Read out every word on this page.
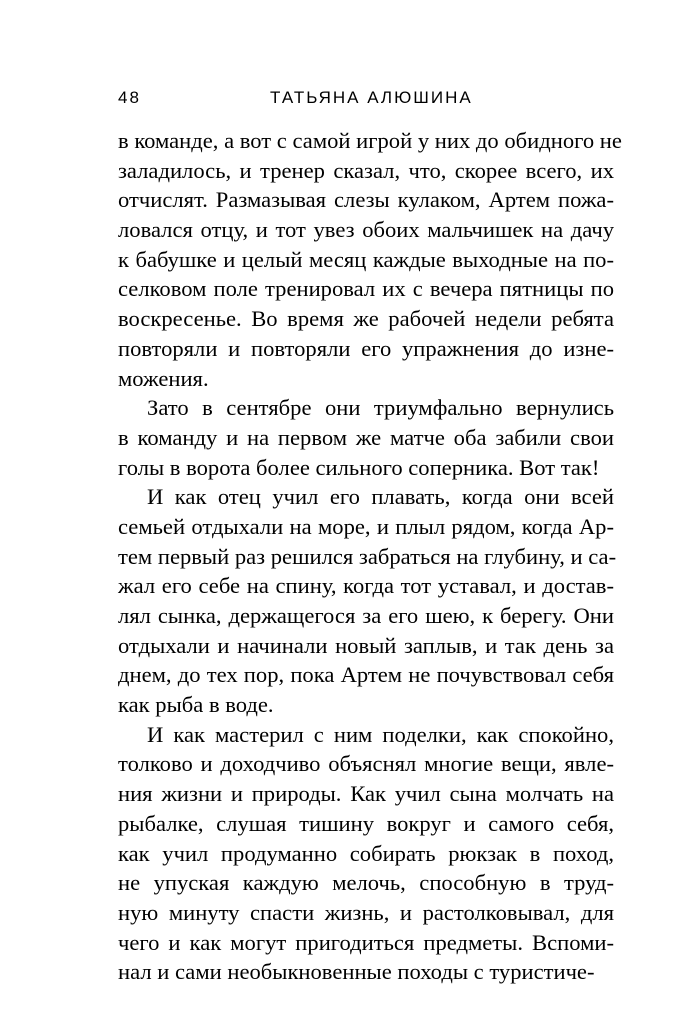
48	ТАТЬЯНА АЛЮШИНА
в команде, а вот с самой игрой у них до обидного не
заладилось, и тренер сказал, что, скорее всего, их
отчислят. Размазывая слезы кулаком, Артем пожа-
ловался отцу, и тот увез обоих мальчишек на дачу
к бабушке и целый месяц каждые выходные на по-
селковом поле тренировал их с вечера пятницы по
воскресенье. Во время же рабочей недели ребята
повторяли и повторяли его упражнения до изне-
можения.
Зато в сентябре они триумфально вернулись
в команду и на первом же матче оба забили свои
голы в ворота более сильного соперника. Вот так!
И как отец учил его плавать, когда они всей
семьей отдыхали на море, и плыл рядом, когда Ар-
тем первый раз решился забраться на глубину, и са-
жал его себе на спину, когда тот уставал, и достав-
лял сынка, держащегося за его шею, к берегу. Они
отдыхали и начинали новый заплыв, и так день за
днем, до тех пор, пока Артем не почувствовал себя
как рыба в воде.
И как мастерил с ним поделки, как спокойно,
толково и доходчиво объяснял многие вещи, явле-
ния жизни и природы. Как учил сына молчать на
рыбалке, слушая тишину вокруг и самого себя,
как учил продуманно собирать рюкзак в поход,
не упуская каждую мелочь, способную в труд-
ную минуту спасти жизнь, и растолковывал, для
чего и как могут пригодиться предметы. Вспоми-
нал и сами необыкновенные походы с туристиче-
